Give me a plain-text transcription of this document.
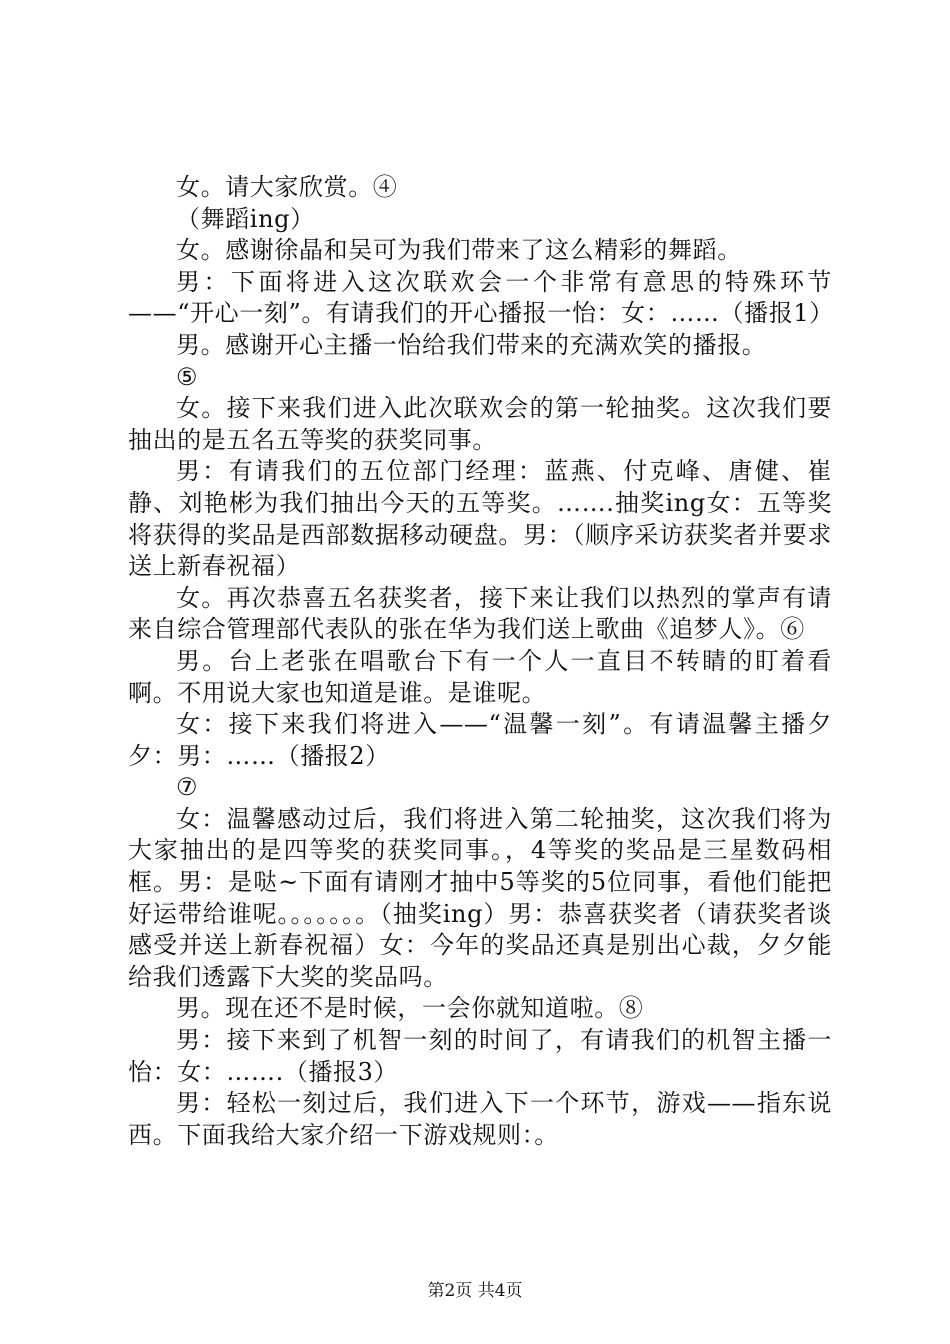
女。请大家欣赏。④

（舞蹈ing）

女。感谢徐晶和吴可为我们带来了这么精彩的舞蹈。

男：下面将进入这次联欢会一个非常有意思的特殊环节——“开心一刻”。有请我们的开心播报一怡：女：……（播报1）

男。感谢开心主播一怡给我们带来的充满欢笑的播报。

⑤

女。接下来我们进入此次联欢会的第一轮抽奖。这次我们要抽出的是五名五等奖的获奖同事。

男：有请我们的五位部门经理：蓝燕、付克峰、唐健、崔静、刘艳彬为我们抽出今天的五等奖。…….抽奖ing女：五等奖将获得的奖品是西部数据移动硬盘。男：（顺序采访获奖者并要求送上新春祝福）

女。再次恭喜五名获奖者，接下来让我们以热烈的掌声有请来自综合管理部代表队的张在华为我们送上歌曲《追梦人》。⑥

男。台上老张在唱歌台下有一个人一直目不转睛的盯着看啊。不用说大家也知道是谁。是谁呢。

女：接下来我们将进入——“温馨一刻”。有请温馨主播夕夕：男：……（播报2）

⑦

女：温馨感动过后，我们将进入第二轮抽奖，这次我们将为大家抽出的是四等奖的获奖同事。，4等奖的奖品是三星数码相框。男：是哒~下面有请刚才抽中5等奖的5位同事，看他们能把好运带给谁呢。。。。。。。（抽奖ing）男：恭喜获奖者（请获奖者谈感受并送上新春祝福）女：今年的奖品还真是别出心裁，夕夕能给我们透露下大奖的奖品吗。

男。现在还不是时候，一会你就知道啦。⑧

男：接下来到了机智一刻的时间了，有请我们的机智主播一怡：女：…….（播报3）

男：轻松一刻过后，我们进入下一个环节，游戏——指东说西。下面我给大家介绍一下游戏规则：。

第2页 共4页
